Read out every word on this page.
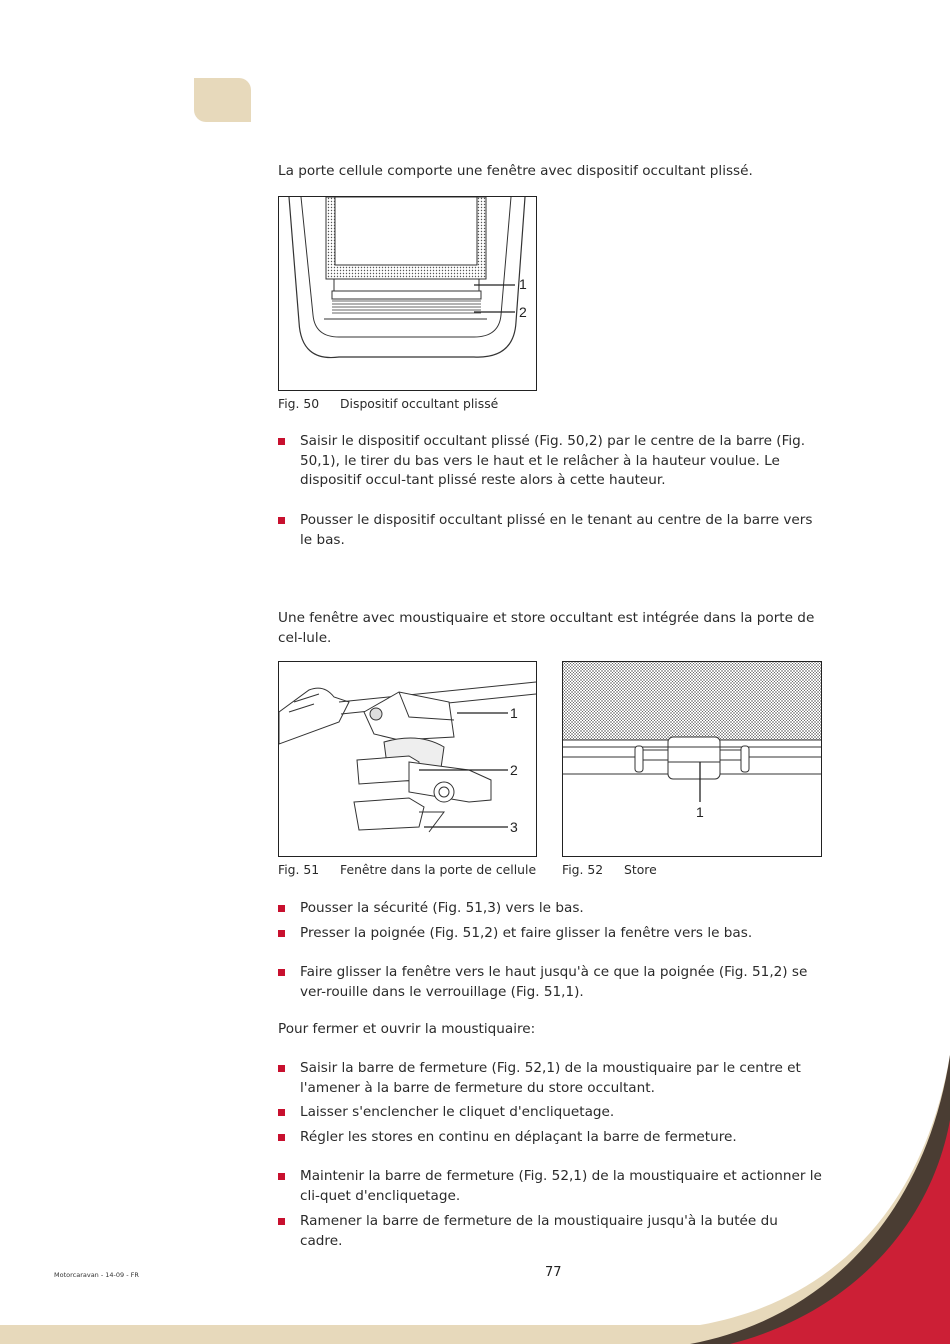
La porte cellule comporte une fenêtre avec dispositif occultant plissé.

1
2
Fig. 50 Dispositif occultant plissé
Saisir le dispositif occultant plissé (Fig. 50,2) par le centre de la barre (Fig. 50,1), le tirer du bas vers le haut et le relâcher à la hauteur voulue. Le dispositif occul-tant plissé reste alors à cette hauteur.
Pousser le dispositif occultant plissé en le tenant au centre de la barre vers le bas.

Une fenêtre avec moustiquaire et store occultant est intégrée dans la porte de cel-lule.

1
2
3
1
Fig. 51 Fenêtre dans la porte de cellule Fig. 52 Store
Pousser la sécurité (Fig. 51,3) vers le bas.
Presser la poignée (Fig. 51,2) et faire glisser la fenêtre vers le bas.
Faire glisser la fenêtre vers le haut jusqu'à ce que la poignée (Fig. 51,2) se ver-rouille dans le verrouillage (Fig. 51,1).

Pour fermer et ouvrir la moustiquaire:

Saisir la barre de fermeture (Fig. 52,1) de la moustiquaire par le centre et l'amener à la barre de fermeture du store occultant.
Laisser s'enclencher le cliquet d'encliquetage.
Régler les stores en continu en déplaçant la barre de fermeture.
Maintenir la barre de fermeture (Fig. 52,1) de la moustiquaire et actionner le cli-quet d'encliquetage.
Ramener la barre de fermeture de la moustiquaire jusqu'à la butée du cadre.
Motorcaravan - 14-09 - FR	77
